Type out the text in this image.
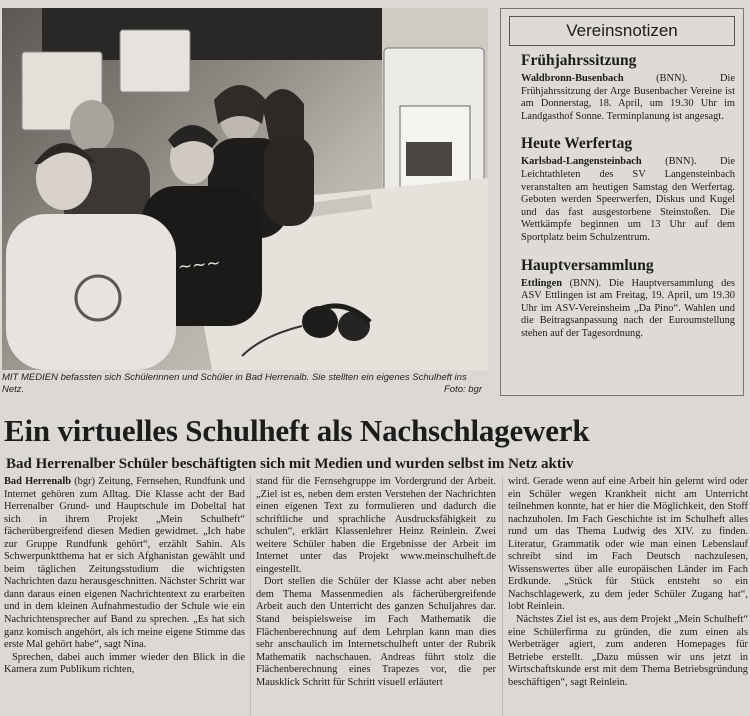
~~~
MIT MEDIEN befassten sich Schülerinnen und Schüler in Bad Herrenalb. Sie stellten ein eigenes Schulheft ins Netz.	Foto: bgr
Vereinsnotizen
Frühjahrssitzung

Waldbronn-Busenbach (BNN). Die Frühjahrssitzung der Arge Busenbacher Vereine ist am Donnerstag, 18. April, um 19.30 Uhr im Landgasthof Sonne. Terminplanung ist angesagt.

Heute Werfertag

Karlsbad-Langensteinbach (BNN). Die Leichtathleten des SV Langensteinbach veranstalten am heutigen Samstag den Werfertag. Geboten werden Speerwerfen, Diskus und Kugel und das fast ausgestorbene Steinstoßen. Die Wettkämpfe beginnen um 13 Uhr auf dem Sportplatz beim Schulzentrum.

Hauptversammlung

Ettlingen (BNN). Die Hauptversammlung des ASV Ettlingen ist am Freitag, 19. April, um 19.30 Uhr im ASV-Vereinsheim „Da Pino“. Wahlen und die Beitragsanpassung nach der Euroumstellung stehen auf der Tagesordnung.

Ein virtuelles Schulheft als Nachschlagewerk
Bad Herrenalber Schüler beschäftigten sich mit Medien und wurden selbst im Netz aktiv

Bad Herrenalb (bgr) Zeitung, Fernsehen, Rundfunk und Internet gehören zum Alltag. Die Klasse acht der Bad Herrenalber Grund- und Hauptschule im Dobeltal hat sich in ihrem Projekt „Mein Schulheft“ fächerübergreifend diesen Medien gewidmet. „Ich habe zur Gruppe Rundfunk gehört“, erzählt Sahin. Als Schwerpunktthema hat er sich Afghanistan gewählt und beim täglichen Zeitungsstudium die wichtigsten Nachrichten dazu herausgeschnitten. Nächster Schritt war dann daraus einen eigenen Nachrichtentext zu erarbeiten und in dem kleinen Aufnahmestudio der Schule wie ein Nachrichtensprecher auf Band zu sprechen. „Es hat sich ganz komisch angehört, als ich meine eigene Stimme das erste Mal gehört habe“, sagt Nina.

Sprechen, dabei auch immer wieder den Blick in die Kamera zum Publikum richten,

stand für die Fernsehgruppe im Vordergrund der Arbeit. „Ziel ist es, neben dem ersten Verstehen der Nachrichten einen eigenen Text zu formulieren und dadurch die schriftliche und sprachliche Ausdrucksfähigkeit zu schulen“, erklärt Klassenlehrer Heinz Reinlein. Zwei weitere Schüler haben die Ergebnisse der Arbeit im Internet unter das Projekt www.meinschulheft.de eingestellt.

Dort stellen die Schüler der Klasse acht aber neben dem Thema Massenmedien als fächerübergreifende Arbeit auch den Unterricht des ganzen Schuljahres dar. Stand beispielsweise im Fach Mathematik die Flächenberechnung auf dem Lehrplan kann man dies sehr anschaulich im Internetschulheft unter der Rubrik Mathematik nachschauen. Andreas führt stolz die Flächenberechnung eines Trapezes vor, die per Mausklick Schritt für Schritt visuell erläutert

wird. Gerade wenn auf eine Arbeit hin gelernt wird oder ein Schüler wegen Krankheit nicht am Unterricht teilnehmen konnte, hat er hier die Möglichkeit, den Stoff nachzuholen. Im Fach Geschichte ist im Schulheft alles rund um das Thema Ludwig des XIV. zu finden. Literatur, Grammatik oder wie man einen Lebenslauf schreibt sind im Fach Deutsch nachzulesen, Wissenswertes über alle europäischen Länder im Fach Erdkunde. „Stück für Stück entsteht so ein Nachschlagewerk, zu dem jeder Schüler Zugang hat“, lobt Reinlein.

Nächstes Ziel ist es, aus dem Projekt „Mein Schulheft“ eine Schülerfirma zu gründen, die zum einen als Werbeträger agiert, zum anderen Homepages für Betriebe erstellt. „Dazu müssen wir uns jetzt in Wirtschaftskunde erst mit dem Thema Betriebsgründung beschäftigen“, sagt Reinlein.
